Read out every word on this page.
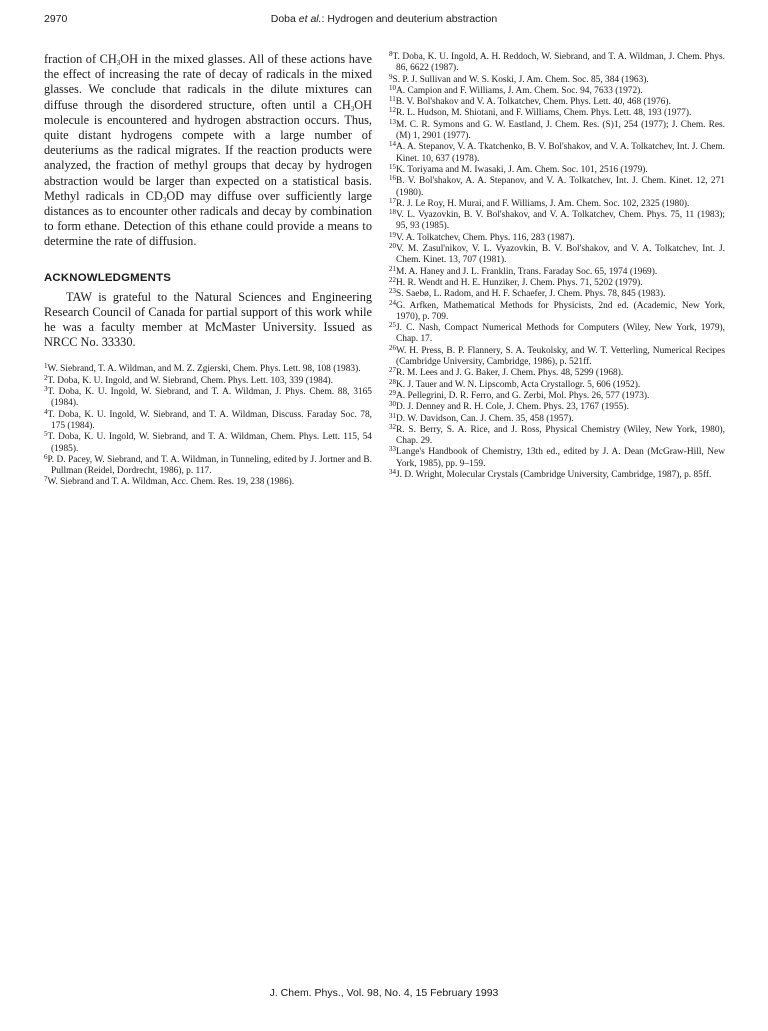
2970	Doba et al.: Hydrogen and deuterium abstraction

fraction of $CH_3OH$ in the mixed glasses. All of these actions have the effect of increasing the rate of decay of radicals in the mixed glasses. We conclude that radicals in the dilute mixtures can diffuse through the disordered structure, often until a $CH_3OH$ molecule is encountered and hydrogen abstraction occurs. Thus, quite distant hydrogens compete with a large number of deuteriums as the radical migrates. If the reaction products were analyzed, the fraction of methyl groups that decay by hydrogen abstraction would be larger than expected on a statistical basis. Methyl radicals in $CD_3OD$ may diffuse over sufficiently large distances as to encounter other radicals and decay by combination to form ethane. Detection of this ethane could provide a means to determine the rate of diffusion.

ACKNOWLEDGMENTS

TAW is grateful to the Natural Sciences and Engineering Research Council of Canada for partial support of this work while he was a faculty member at McMaster University. Issued as NRCC No. 33330.

$^1$W. Siebrand, T. A. Wildman, and M. Z. Zgierski, Chem. Phys. Lett. 98, 108 (1983).

$^2$T. Doba, K. U. Ingold, and W. Siebrand, Chem. Phys. Lett. 103, 339 (1984).

$^3$T. Doba, K. U. Ingold, W. Siebrand, and T. A. Wildman, J. Phys. Chem. 88, 3165 (1984).

$^4$T. Doba, K. U. Ingold, W. Siebrand, and T. A. Wildman, Discuss. Faraday Soc. 78, 175 (1984).

$^5$T. Doba, K. U. Ingold, W. Siebrand, and T. A. Wildman, Chem. Phys. Lett. 115, 54 (1985).

$^6$P. D. Pacey, W. Siebrand, and T. A. Wildman, in Tunneling, edited by J. Jortner and B. Pullman (Reidel, Dordrecht, 1986), p. 117.

$^7$W. Siebrand and T. A. Wildman, Acc. Chem. Res. 19, 238 (1986).

$^8$T. Doba, K. U. Ingold, A. H. Reddoch, W. Siebrand, and T. A. Wildman, J. Chem. Phys. 86, 6622 (1987).

$^9$S. P. J. Sullivan and W. S. Koski, J. Am. Chem. Soc. 85, 384 (1963).

$^{10}$A. Campion and F. Williams, J. Am. Chem. Soc. 94, 7633 (1972).

$^{11}$B. V. Bol'shakov and V. A. Tolkatchev, Chem. Phys. Lett. 40, 468 (1976).

$^{12}$R. L. Hudson, M. Shiotani, and F. Williams, Chem. Phys. Lett. 48, 193 (1977).

$^{13}$M. C. R. Symons and G. W. Eastland, J. Chem. Res. (S)1, 254 (1977); J. Chem. Res. (M) 1, 2901 (1977).

$^{14}$A. A. Stepanov, V. A. Tkatchenko, B. V. Bol'shakov, and V. A. Tolkatchev, Int. J. Chem. Kinet. 10, 637 (1978).

$^{15}$K. Toriyama and M. Iwasaki, J. Am. Chem. Soc. 101, 2516 (1979).

$^{16}$B. V. Bol'shakov, A. A. Stepanov, and V. A. Tolkatchev, Int. J. Chem. Kinet. 12, 271 (1980).

$^{17}$R. J. Le Roy, H. Murai, and F. Williams, J. Am. Chem. Soc. 102, 2325 (1980).

$^{18}$V. L. Vyazovkin, B. V. Bol'shakov, and V. A. Tolkatchev, Chem. Phys. 75, 11 (1983); 95, 93 (1985).

$^{19}$V. A. Tolkatchev, Chem. Phys. 116, 283 (1987).

$^{20}$V. M. Zasul'nikov, V. L. Vyazovkin, B. V. Bol'shakov, and V. A. Tolkatchev, Int. J. Chem. Kinet. 13, 707 (1981).

$^{21}$M. A. Haney and J. L. Franklin, Trans. Faraday Soc. 65, 1974 (1969).

$^{22}$H. R. Wendt and H. E. Hunziker, J. Chem. Phys. 71, 5202 (1979).

$^{23}$S. Saebø, L. Radom, and H. F. Schaefer, J. Chem. Phys. 78, 845 (1983).

$^{24}$G. Arfken, Mathematical Methods for Physicists, 2nd ed. (Academic, New York, 1970), p. 709.

$^{25}$J. C. Nash, Compact Numerical Methods for Computers (Wiley, New York, 1979), Chap. 17.

$^{26}$W. H. Press, B. P. Flannery, S. A. Teukolsky, and W. T. Vetterling, Numerical Recipes (Cambridge University, Cambridge, 1986), p. 521ff.

$^{27}$R. M. Lees and J. G. Baker, J. Chem. Phys. 48, 5299 (1968).

$^{28}$K. J. Tauer and W. N. Lipscomb, Acta Crystallogr. 5, 606 (1952).

$^{29}$A. Pellegrini, D. R. Ferro, and G. Zerbi, Mol. Phys. 26, 577 (1973).

$^{30}$D. J. Denney and R. H. Cole, J. Chem. Phys. 23, 1767 (1955).

$^{31}$D. W. Davidson, Can. J. Chem. 35, 458 (1957).

$^{32}$R. S. Berry, S. A. Rice, and J. Ross, Physical Chemistry (Wiley, New York, 1980), Chap. 29.

$^{33}$Lange's Handbook of Chemistry, 13th ed., edited by J. A. Dean (McGraw-Hill, New York, 1985), pp. 9–159.

$^{34}$J. D. Wright, Molecular Crystals (Cambridge University, Cambridge, 1987), p. 85ff.

J. Chem. Phys., Vol. 98, No. 4, 15 February 1993
